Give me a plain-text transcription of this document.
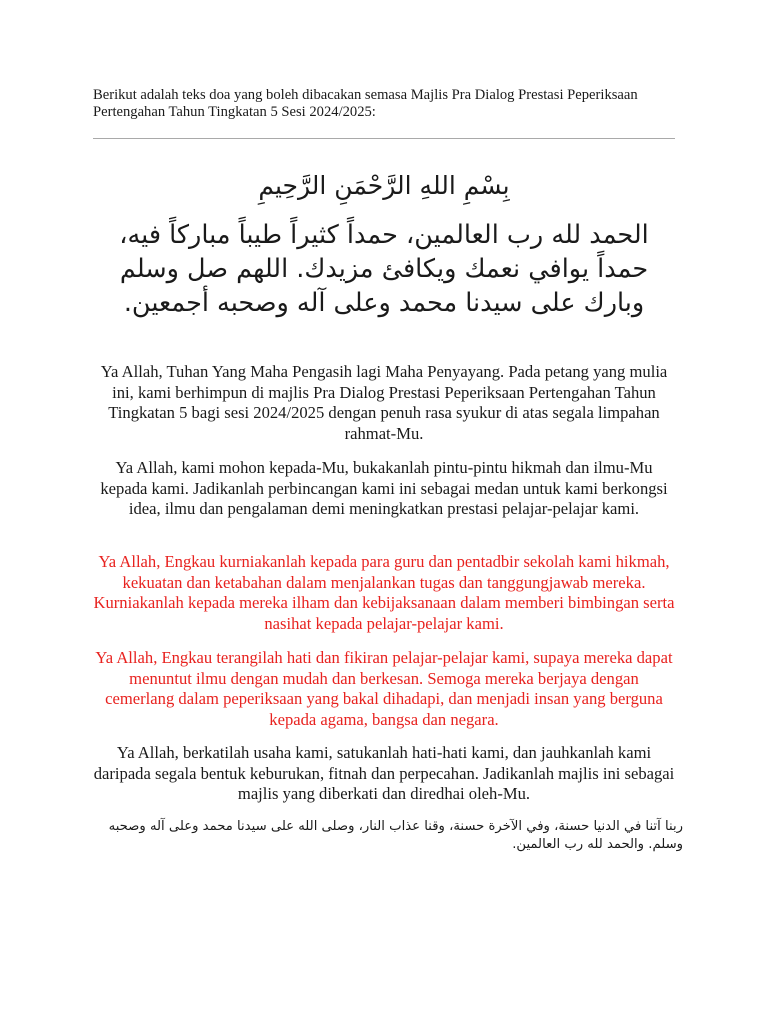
Berikut adalah teks doa yang boleh dibacakan semasa Majlis Pra Dialog Prestasi Peperiksaan Pertengahan Tahun Tingkatan 5 Sesi 2024/2025:
بِسْمِ اللهِ الرَّحْمَنِ الرَّحِيمِ
الحمد لله رب العالمين، حمداً كثيراً طيباً مباركاً فيه، حمداً يوافي نعمك ويكافئ مزيدك. اللهم صل وسلم وبارك على سيدنا محمد وعلى آله وصحبه أجمعين.
Ya Allah, Tuhan Yang Maha Pengasih lagi Maha Penyayang. Pada petang yang mulia ini, kami berhimpun di majlis Pra Dialog Prestasi Peperiksaan Pertengahan Tahun Tingkatan 5 bagi sesi 2024/2025 dengan penuh rasa syukur di atas segala limpahan rahmat-Mu.
Ya Allah, kami mohon kepada-Mu, bukakanlah pintu-pintu hikmah dan ilmu-Mu kepada kami. Jadikanlah perbincangan kami ini sebagai medan untuk kami berkongsi idea, ilmu dan pengalaman demi meningkatkan prestasi pelajar-pelajar kami.
Ya Allah, Engkau kurniakanlah kepada para guru dan pentadbir sekolah kami hikmah, kekuatan dan ketabahan dalam menjalankan tugas dan tanggungjawab mereka. Kurniakanlah kepada mereka ilham dan kebijaksanaan dalam memberi bimbingan serta nasihat kepada pelajar-pelajar kami.
Ya Allah, Engkau terangilah hati dan fikiran pelajar-pelajar kami, supaya mereka dapat menuntut ilmu dengan mudah dan berkesan. Semoga mereka berjaya dengan cemerlang dalam peperiksaan yang bakal dihadapi, dan menjadi insan yang berguna kepada agama, bangsa dan negara.
Ya Allah, berkatilah usaha kami, satukanlah hati-hati kami, dan jauhkanlah kami daripada segala bentuk keburukan, fitnah dan perpecahan. Jadikanlah majlis ini sebagai majlis yang diberkati dan diredhai oleh-Mu.
ربنا آتنا في الدنيا حسنة، وفي الآخرة حسنة، وقنا عذاب النار، وصلى الله على سيدنا محمد وعلى آله وصحبه وسلم. والحمد لله رب العالمين.
